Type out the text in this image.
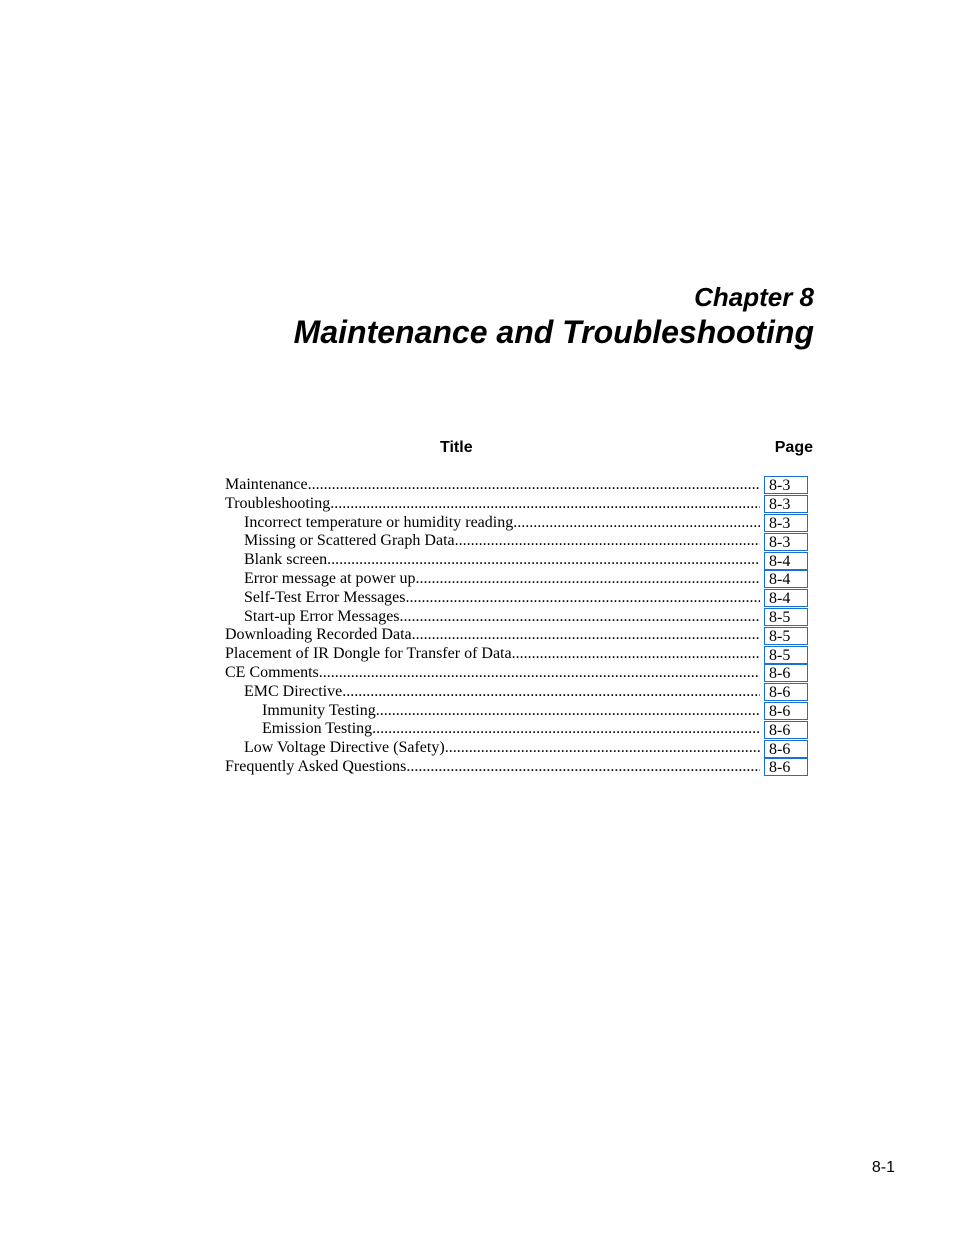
Chapter 8
Maintenance and Troubleshooting
Title	Page
Maintenance .....	8-3
Troubleshooting .....	8-3
Incorrect temperature or humidity reading .....	8-3
Missing or Scattered Graph Data .....	8-3
Blank screen .....	8-4
Error message at power up .....	8-4
Self-Test Error Messages .....	8-4
Start-up Error Messages .....	8-5
Downloading Recorded Data .....	8-5
Placement of IR Dongle for Transfer of Data .....	8-5
CE Comments .....	8-6
EMC Directive .....	8-6
Immunity Testing .....	8-6
Emission Testing .....	8-6
Low Voltage Directive (Safety) .....	8-6
Frequently Asked Questions .....	8-6
8-1
